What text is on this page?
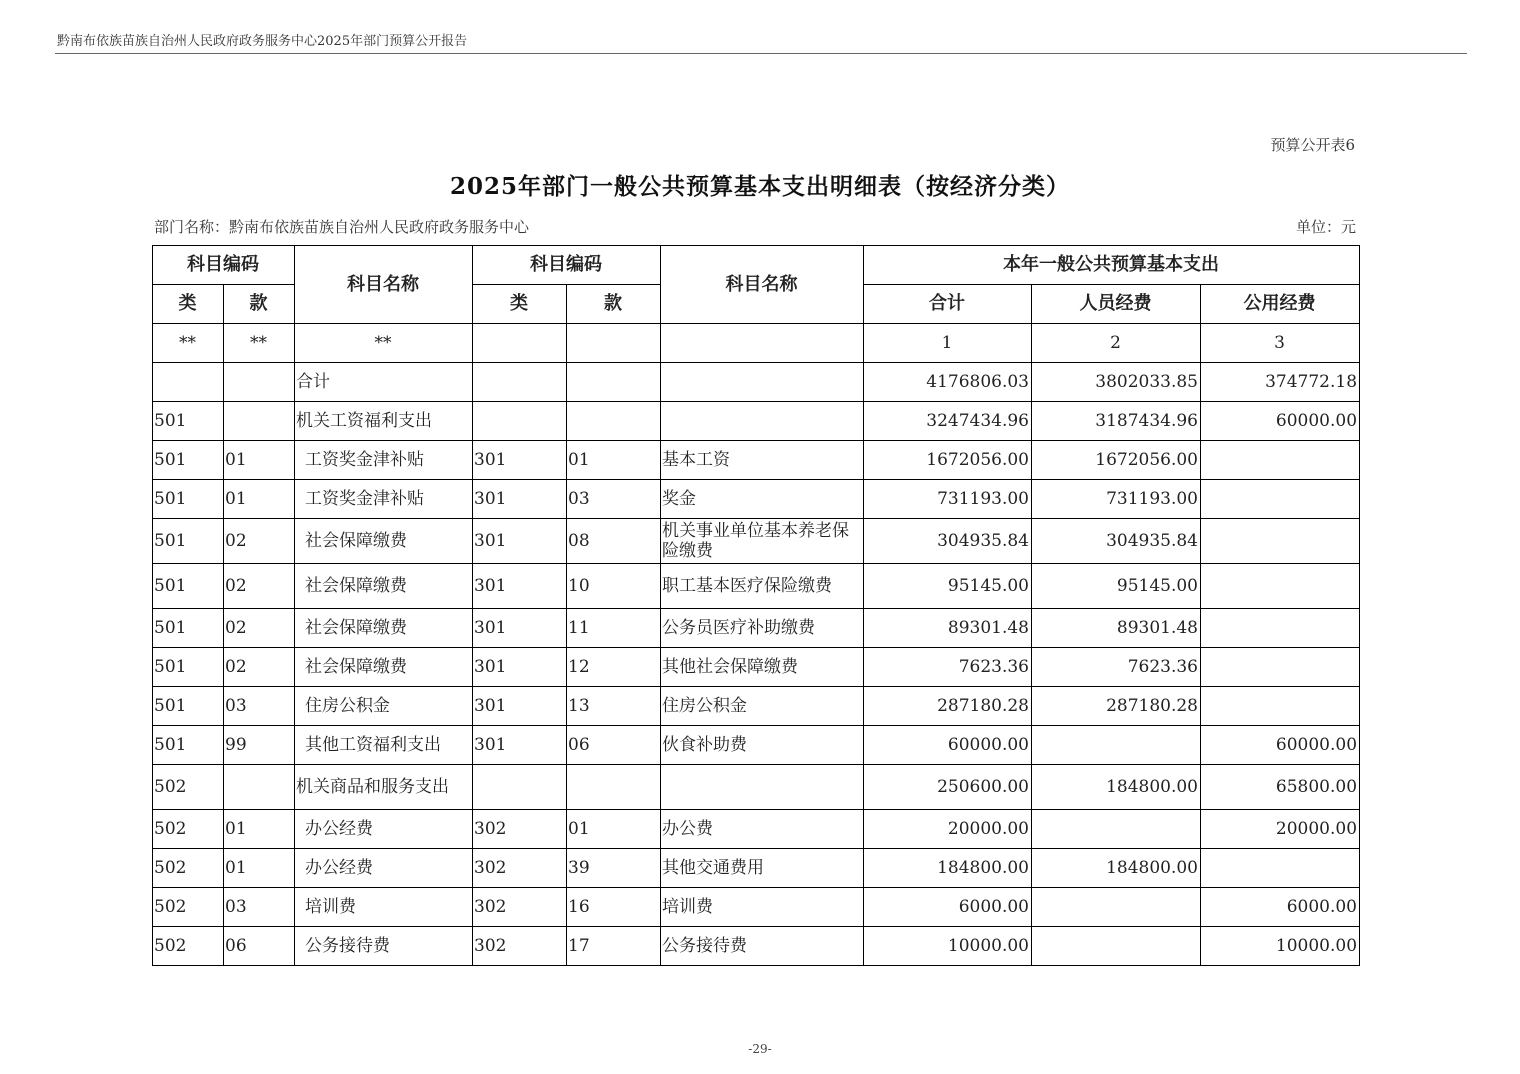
黔南布依族苗族自治州人民政府政务服务中心2025年部门预算公开报告
预算公开表6
2025年部门一般公共预算基本支出明细表（按经济分类）
部门名称：黔南布依族苗族自治州人民政府政务服务中心	单位：元
科目编码		科目名称	科目编码		科目名称	本年一般公共预算基本支出		
类	款		类	款		合计	人员经费	公用经费
**	**	**				1	2	3
		合计				4176806.03	3802033.85	374772.18
501		机关工资福利支出				3247434.96	3187434.96	60000.00
501	01	工资奖金津补贴	301	01	基本工资	1672056.00	1672056.00	
501	01	工资奖金津补贴	301	03	奖金	731193.00	731193.00	
501	02	社会保障缴费	301	08	机关事业单位基本养老保险缴费	304935.84	304935.84	
501	02	社会保障缴费	301	10	职工基本医疗保险缴费	95145.00	95145.00	
501	02	社会保障缴费	301	11	公务员医疗补助缴费	89301.48	89301.48	
501	02	社会保障缴费	301	12	其他社会保障缴费	7623.36	7623.36	
501	03	住房公积金	301	13	住房公积金	287180.28	287180.28	
501	99	其他工资福利支出	301	06	伙食补助费	60000.00		60000.00
502		机关商品和服务支出				250600.00	184800.00	65800.00
502	01	办公经费	302	01	办公费	20000.00		20000.00
502	01	办公经费	302	39	其他交通费用	184800.00	184800.00	
502	03	培训费	302	16	培训费	6000.00		6000.00
502	06	公务接待费	302	17	公务接待费	10000.00		10000.00
-29-
